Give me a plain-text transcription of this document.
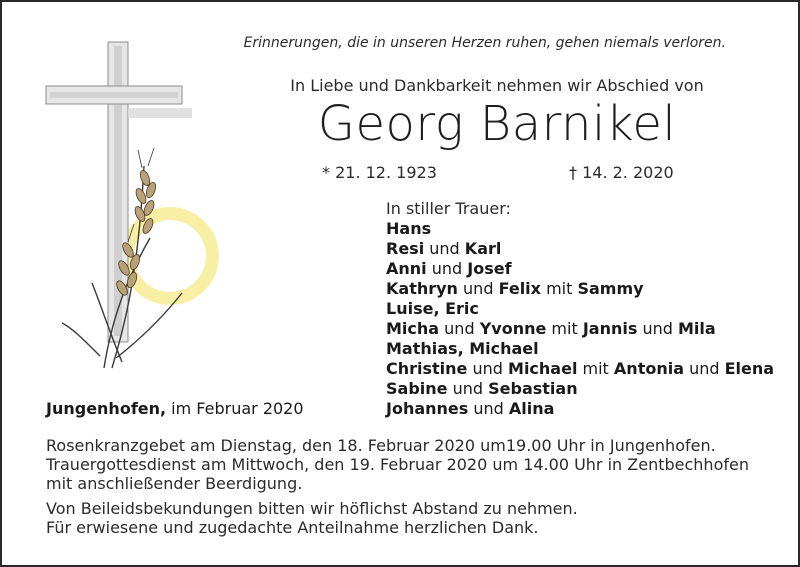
Erinnerungen, die in unseren Herzen ruhen, gehen niemals verloren.
In Liebe und Dankbarkeit nehmen wir Abschied von
Georg Barnikel
* 21. 12. 1923	† 14. 2. 2020
In stiller Trauer:
Hans
Resi und Karl
Anni und Josef
Kathryn und Felix mit Sammy
Luise, Eric
Micha und Yvonne mit Jannis und Mila
Mathias, Michael
Christine und Michael mit Antonia und Elena
Sabine und Sebastian
Johannes und Alina
Jungenhofen, im Februar 2020
Rosenkranzgebet am Dienstag, den 18. Februar 2020 um19.00 Uhr in Jungenhofen.
Trauergottesdienst am Mittwoch, den 19. Februar 2020 um 14.00 Uhr in Zentbechhofen
mit anschließender Beerdigung.
Von Beileidsbekundungen bitten wir höflichst Abstand zu nehmen.
Für erwiesene und zugedachte Anteilnahme herzlichen Dank.
